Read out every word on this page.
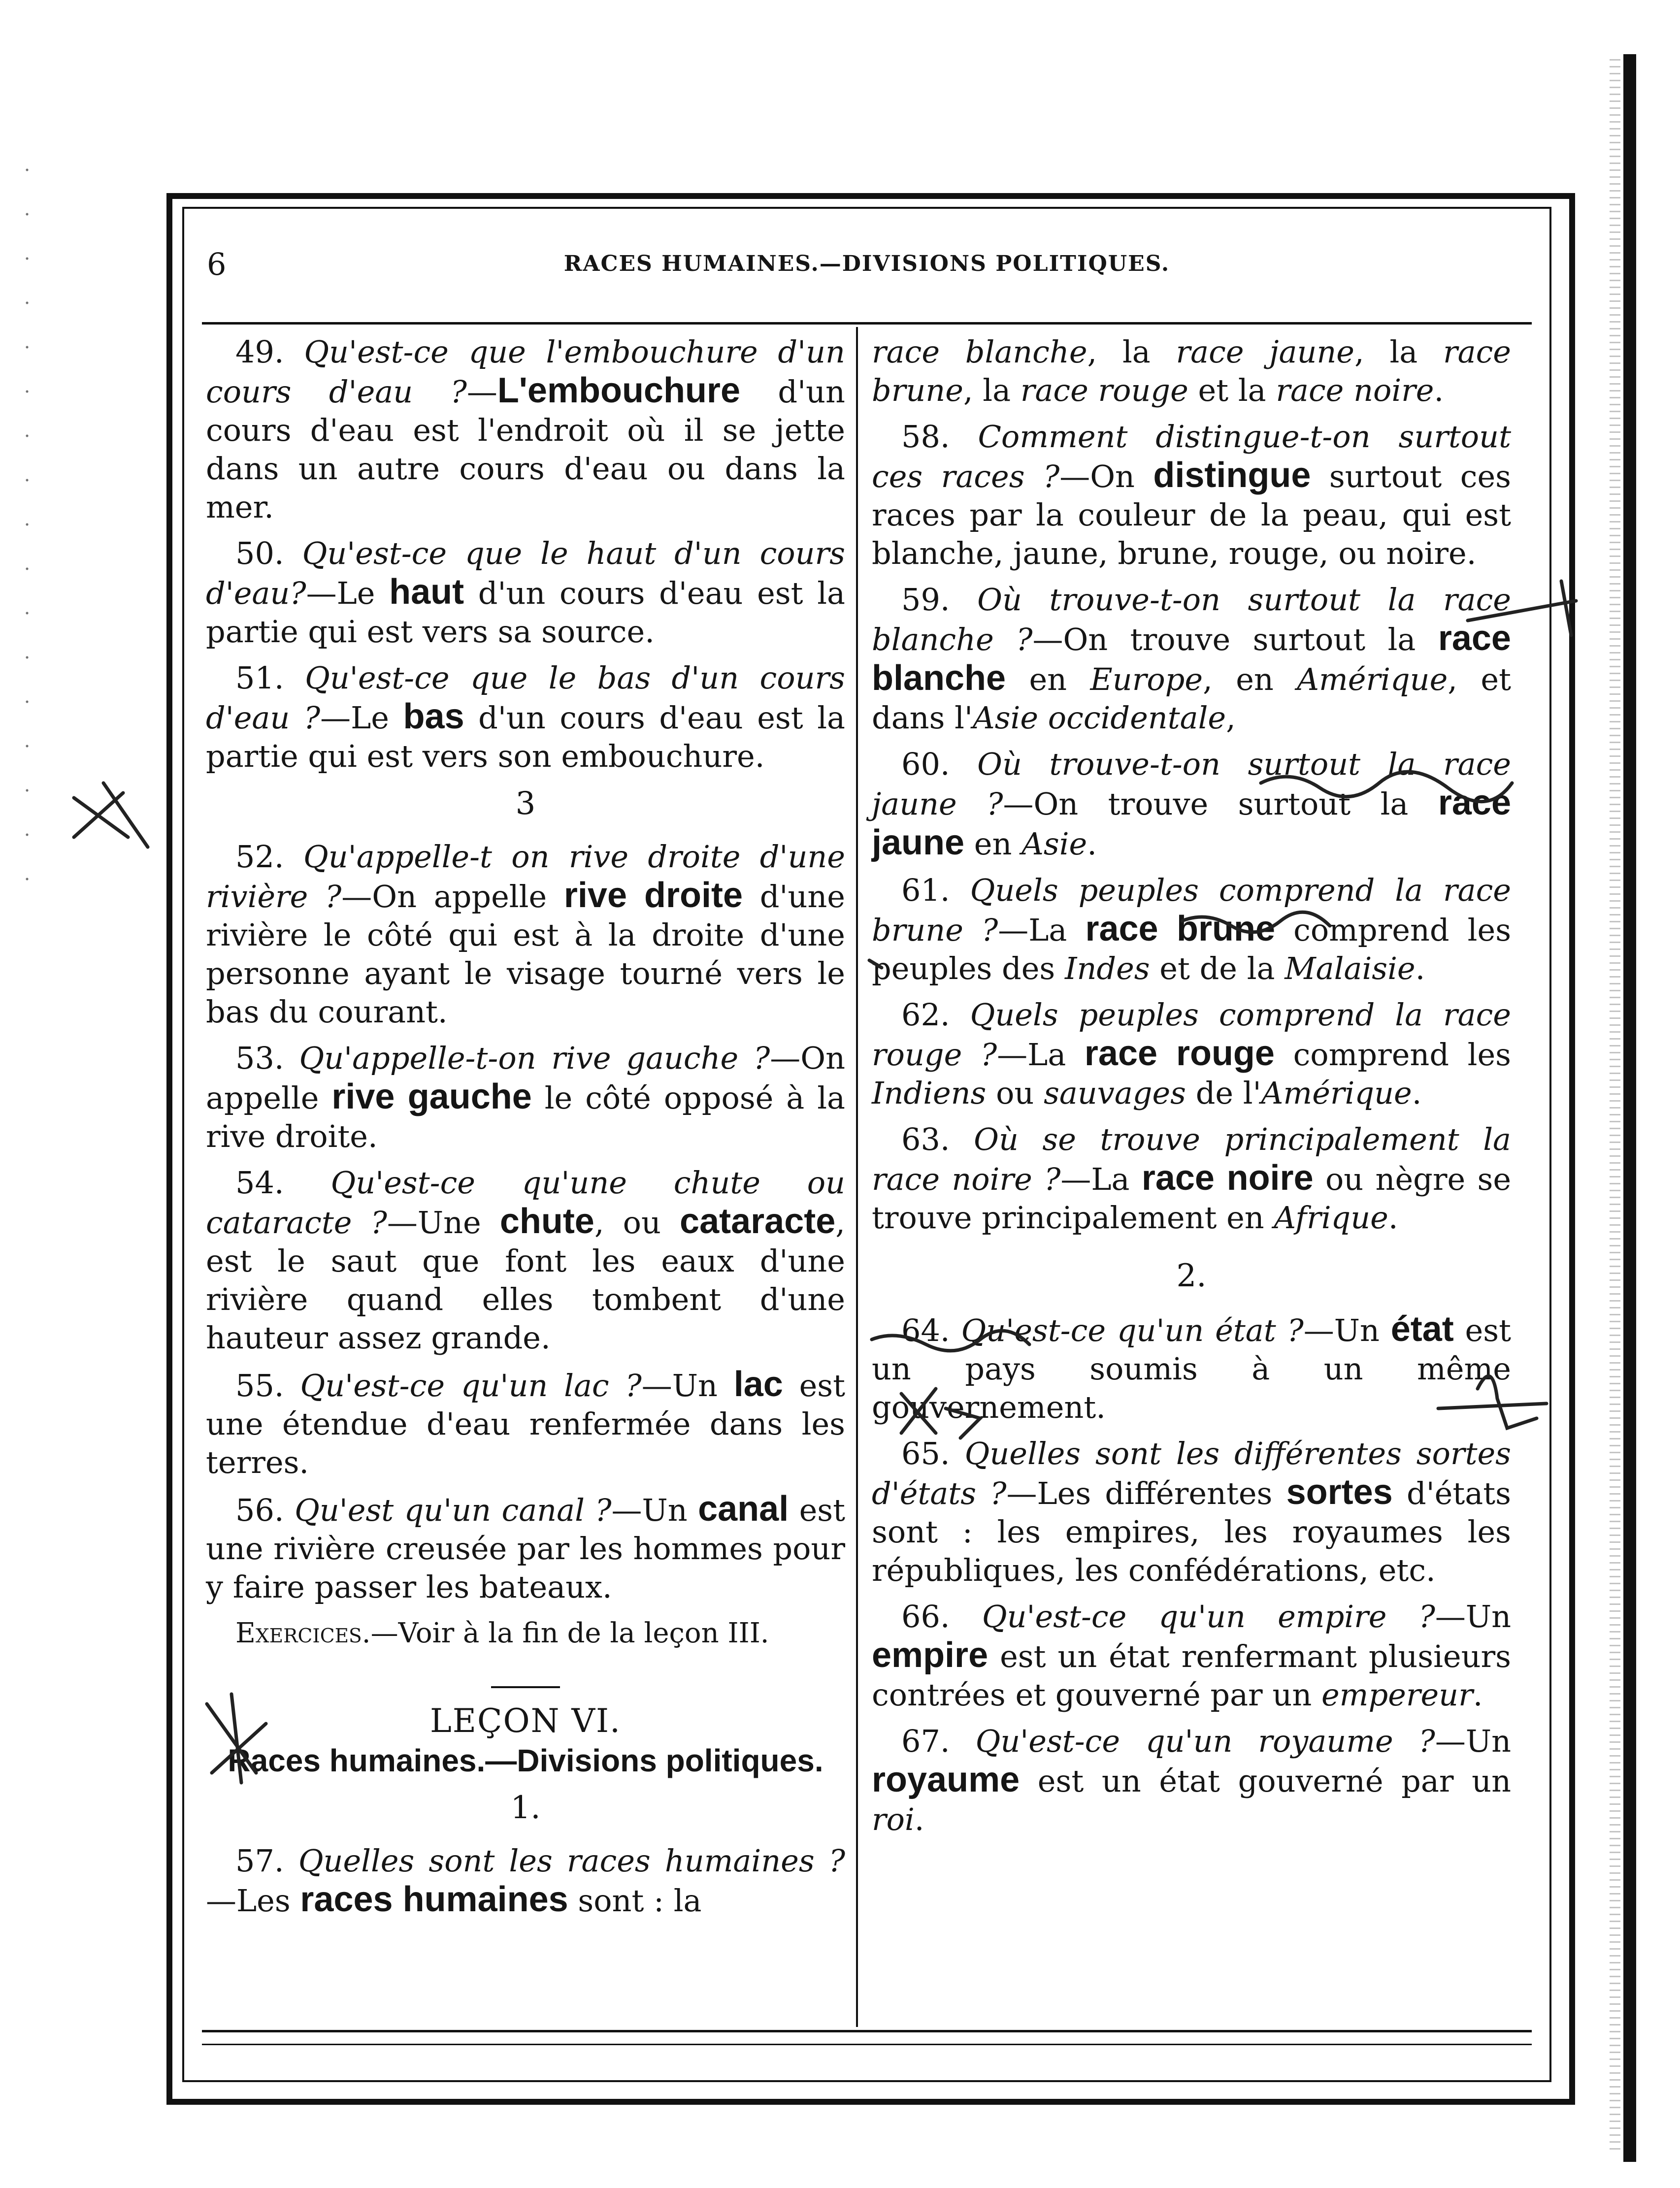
6	RACES HUMAINES.—DIVISIONS POLITIQUES.

49. Qu'est-ce que l'embouchure d'un cours d'eau ?—L'embouchure d'un cours d'eau est l'endroit où il se jette dans un autre cours d'eau ou dans la mer.

50. Qu'est-ce que le haut d'un cours d'eau?—Le haut d'un cours d'eau est la partie qui est vers sa source.

51. Qu'est-ce que le bas d'un cours d'eau ?—Le bas d'un cours d'eau est la partie qui est vers son embouchure.

3

52. Qu'appelle-t on rive droite d'une rivière ?—On appelle rive droite d'une rivière le côté qui est à la droite d'une personne ayant le visage tourné vers le bas du courant.

53. Qu'appelle-t-on rive gauche ?—On appelle rive gauche le côté opposé à la rive droite.

54. Qu'est-ce qu'une chute ou cataracte ?—Une chute, ou cataracte, est le saut que font les eaux d'une rivière quand elles tombent d'une hauteur assez grande.

55. Qu'est-ce qu'un lac ?—Un lac est une étendue d'eau renfermée dans les terres.

56. Qu'est qu'un canal ?—Un canal est une rivière creusée par les hommes pour y faire passer les bateaux.

Exercices.—Voir à la fin de la leçon III.

LEÇON VI.
Races humaines.—Divisions politiques.
1.

57. Quelles sont les races humaines ? —Les races humaines sont : la

race blanche, la race jaune, la race brune, la race rouge et la race noire.

58. Comment distingue-t-on surtout ces races ?—On distingue surtout ces races par la couleur de la peau, qui est blanche, jaune, brune, rouge, ou noire.

59. Où trouve-t-on surtout la race blanche ?—On trouve surtout la race blanche en Europe, en Amérique, et dans l'Asie occidentale,

60. Où trouve-t-on surtout la race jaune ?—On trouve surtout la race jaune en Asie.

61. Quels peuples comprend la race brune ?—La race brune comprend les peuples des Indes et de la Malaisie.

62. Quels peuples comprend la race rouge ?—La race rouge comprend les Indiens ou sauvages de l'Amérique.

63. Où se trouve principalement la race noire ?—La race noire ou nègre se trouve principalement en Afrique.

2.

64. Qu'est-ce qu'un état ?—Un état est un pays soumis à un même gouvernement.

65. Quelles sont les différentes sortes d'états ?—Les différentes sortes d'états sont : les empires, les royaumes les républiques, les confédérations, etc.

66. Qu'est-ce qu'un empire ?—Un empire est un état renfermant plusieurs contrées et gouverné par un empereur.

67. Qu'est-ce qu'un royaume ?—Un royaume est un état gouverné par un roi.
